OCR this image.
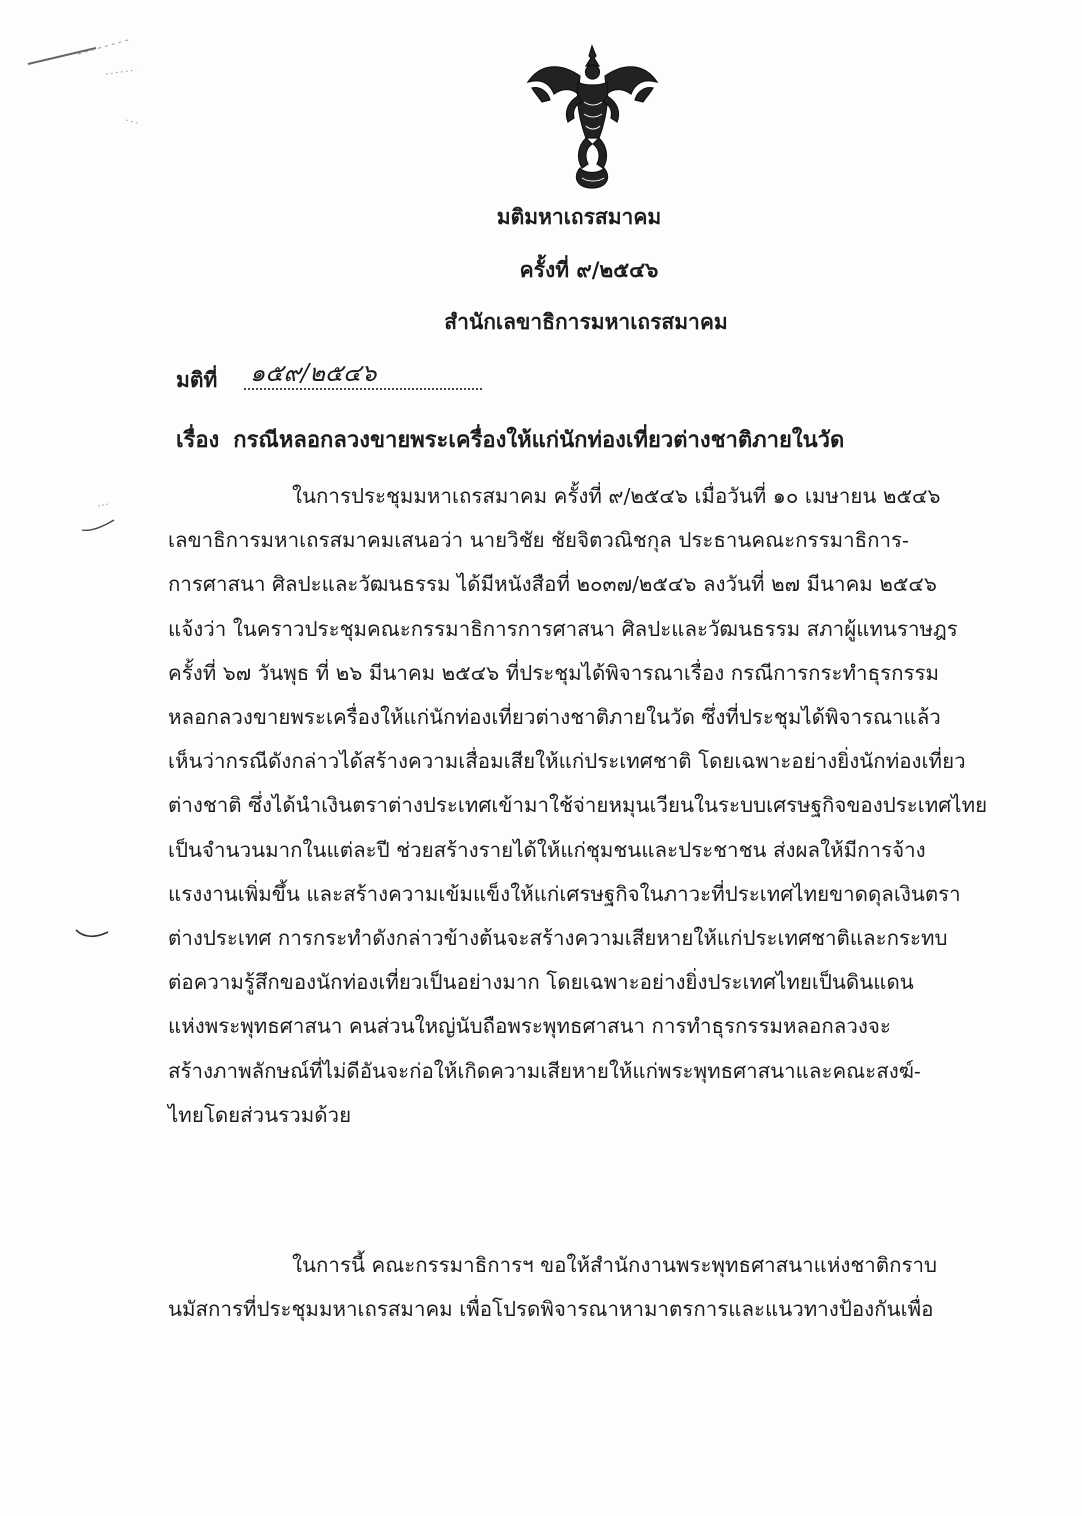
มติมหาเถรสมาคม
ครั้งที่ ๙/๒๕๔๖
สำนักเลขาธิการมหาเถรสมาคม
มติที่ ๑๕๙/๒๕๔๖
เรื่อง กรณีหลอกลวงขายพระเครื่องให้แก่นักท่องเที่ยวต่างชาติภายในวัด
ในการประชุมมหาเถรสมาคม ครั้งที่ ๙/๒๕๔๖ เมื่อวันที่ ๑๐ เมษายน ๒๕๔๖
เลขาธิการมหาเถรสมาคมเสนอว่า นายวิชัย ชัยจิตวณิชกุล ประธานคณะกรรมาธิการ-
การศาสนา ศิลปะและวัฒนธรรม ได้มีหนังสือที่ ๒๐๓๗/๒๕๔๖ ลงวันที่ ๒๗ มีนาคม ๒๕๔๖
แจ้งว่า ในคราวประชุมคณะกรรมาธิการการศาสนา ศิลปะและวัฒนธรรม สภาผู้แทนราษฎร
ครั้งที่ ๖๗ วันพุธ ที่ ๒๖ มีนาคม ๒๕๔๖ ที่ประชุมได้พิจารณาเรื่อง กรณีการกระทำธุรกรรม
หลอกลวงขายพระเครื่องให้แก่นักท่องเที่ยวต่างชาติภายในวัด ซึ่งที่ประชุมได้พิจารณาแล้ว
เห็นว่ากรณีดังกล่าวได้สร้างความเสื่อมเสียให้แก่ประเทศชาติ โดยเฉพาะอย่างยิ่งนักท่องเที่ยว
ต่างชาติ ซึ่งได้นำเงินตราต่างประเทศเข้ามาใช้จ่ายหมุนเวียนในระบบเศรษฐกิจของประเทศไทย
เป็นจำนวนมากในแต่ละปี ช่วยสร้างรายได้ให้แก่ชุมชนและประชาชน ส่งผลให้มีการจ้าง
แรงงานเพิ่มขึ้น และสร้างความเข้มแข็งให้แก่เศรษฐกิจในภาวะที่ประเทศไทยขาดดุลเงินตรา
ต่างประเทศ การกระทำดังกล่าวข้างต้นจะสร้างความเสียหายให้แก่ประเทศชาติและกระทบ
ต่อความรู้สึกของนักท่องเที่ยวเป็นอย่างมาก โดยเฉพาะอย่างยิ่งประเทศไทยเป็นดินแดน
แห่งพระพุทธศาสนา คนส่วนใหญ่นับถือพระพุทธศาสนา การทำธุรกรรมหลอกลวงจะ
สร้างภาพลักษณ์ที่ไม่ดีอันจะก่อให้เกิดความเสียหายให้แก่พระพุทธศาสนาและคณะสงฆ์-
ไทยโดยส่วนรวมด้วย
ในการนี้ คณะกรรมาธิการฯ ขอให้สำนักงานพระพุทธศาสนาแห่งชาติกราบ
นมัสการที่ประชุมมหาเถรสมาคม เพื่อโปรดพิจารณาหามาตรการและแนวทางป้องกันเพื่อ
